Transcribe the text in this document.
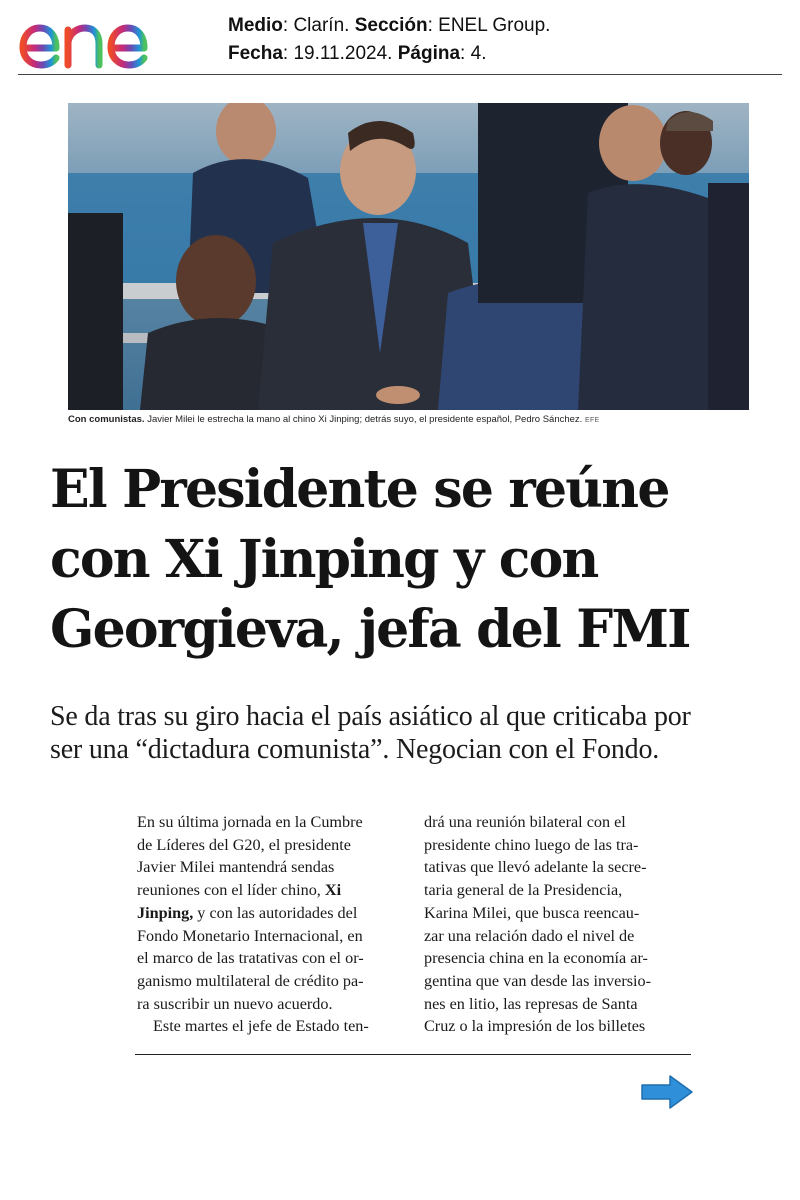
Medio: Clarín. Sección: ENEL Group.
Fecha: 19.11.2024. Página: 4.
Con comunistas. Javier Milei le estrecha la mano al chino Xi Jinping; detrás suyo, el presidente español, Pedro Sánchez. EFE
El Presidente se reúne
con Xi Jinping y con
Georgieva, jefa del FMI
Se da tras su giro hacia el país asiático al que criticaba por
ser una “dictadura comunista”. Negocian con el Fondo.
En su última jornada en la Cumbre
de Líderes del G20, el presidente
Javier Milei mantendrá sendas
reuniones con el líder chino, Xi
Jinping, y con las autoridades del
Fondo Monetario Internacional, en
el marco de las tratativas con el or-
ganismo multilateral de crédito pa-
ra suscribir un nuevo acuerdo.
Este martes el jefe de Estado ten-
drá una reunión bilateral con el
presidente chino luego de las tra-
tativas que llevó adelante la secre-
taria general de la Presidencia,
Karina Milei, que busca reencau-
zar una relación dado el nivel de
presencia china en la economía ar-
gentina que van desde las inversio-
nes en litio, las represas de Santa
Cruz o la impresión de los billetes
